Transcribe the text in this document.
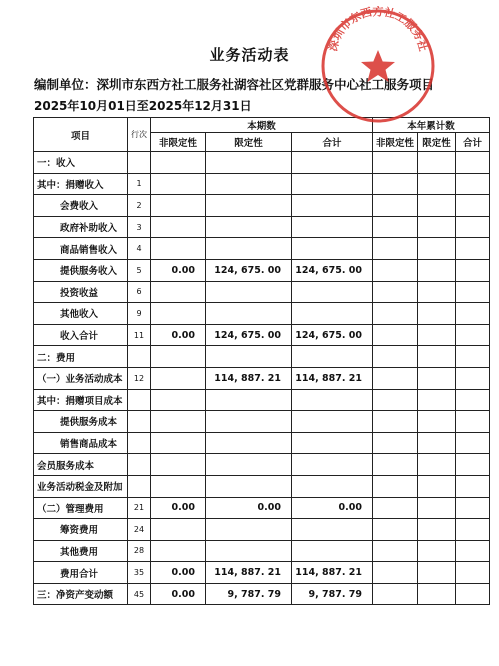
业务活动表
编制单位：深圳市东西方社工服务社湖容社区党群服务中心社工服务项目
2025年10月01日至2025年12月31日
项目	行次	本期数			本年累计数		
		非限定性	限定性	合计	非限定性	限定性	合计
一：收入							
其中：捐赠收入	1						
会费收入	2						
政府补助收入	3						
商品销售收入	4						
提供服务收入	5	0.00	124, 675. 00	124, 675. 00			
投资收益	6						
其他收入	9						
收入合计	11	0.00	124, 675. 00	124, 675. 00			
二：费用							
（一）业务活动成本	12		114, 887. 21	114, 887. 21			
其中：捐赠项目成本							
提供服务成本							
销售商品成本							
会员服务成本							
业务活动税金及附加							
（二）管理费用	21	0.00	0.00	0.00			
筹资费用	24						
其他费用	28						
费用合计	35	0.00	114, 887. 21	114, 887. 21			
三：净资产变动额	45	0.00	9, 787. 79	9, 787. 79			
深圳市东西方社工服务社
